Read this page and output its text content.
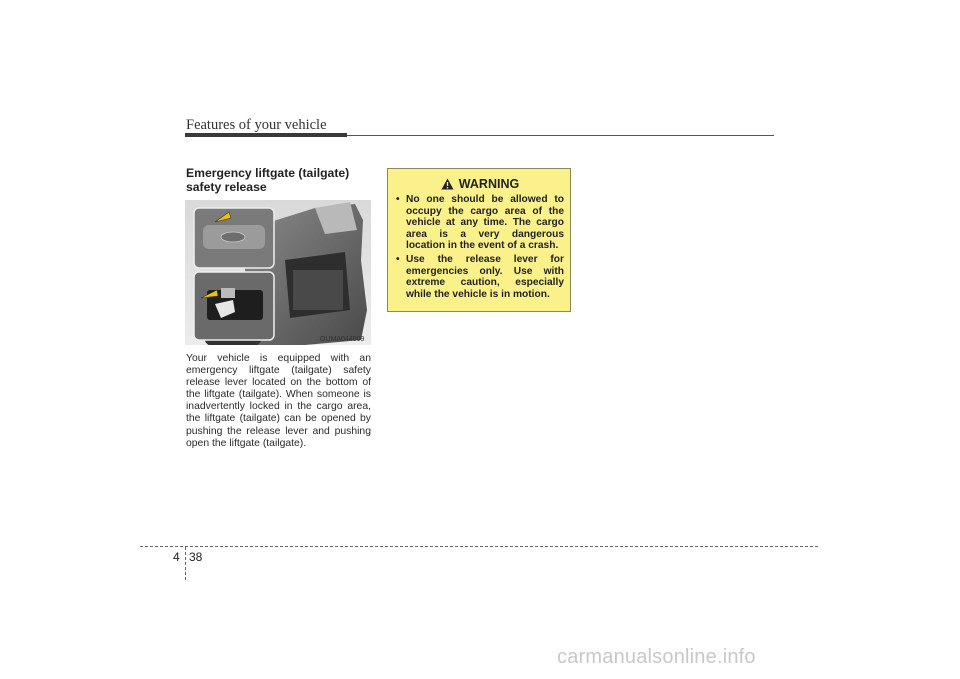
Features of your vehicle
Emergency liftgate (tailgate) safety release
OUMA044009
Your vehicle is equipped with an emergency liftgate (tailgate) safety release lever located on the bottom of the liftgate (tailgate). When someone is inadvertently locked in the cargo area, the liftgate (tailgate) can be opened by pushing the release lever and pushing open the liftgate (tailgate).
WARNING
• No one should be allowed to occupy the cargo area of the vehicle at any time. The cargo area is a very dangerous location in the event of a crash.
• Use the release lever for emergencies only. Use with extreme caution, especially while the vehicle is in motion.
4 38
carmanualsonline.info
